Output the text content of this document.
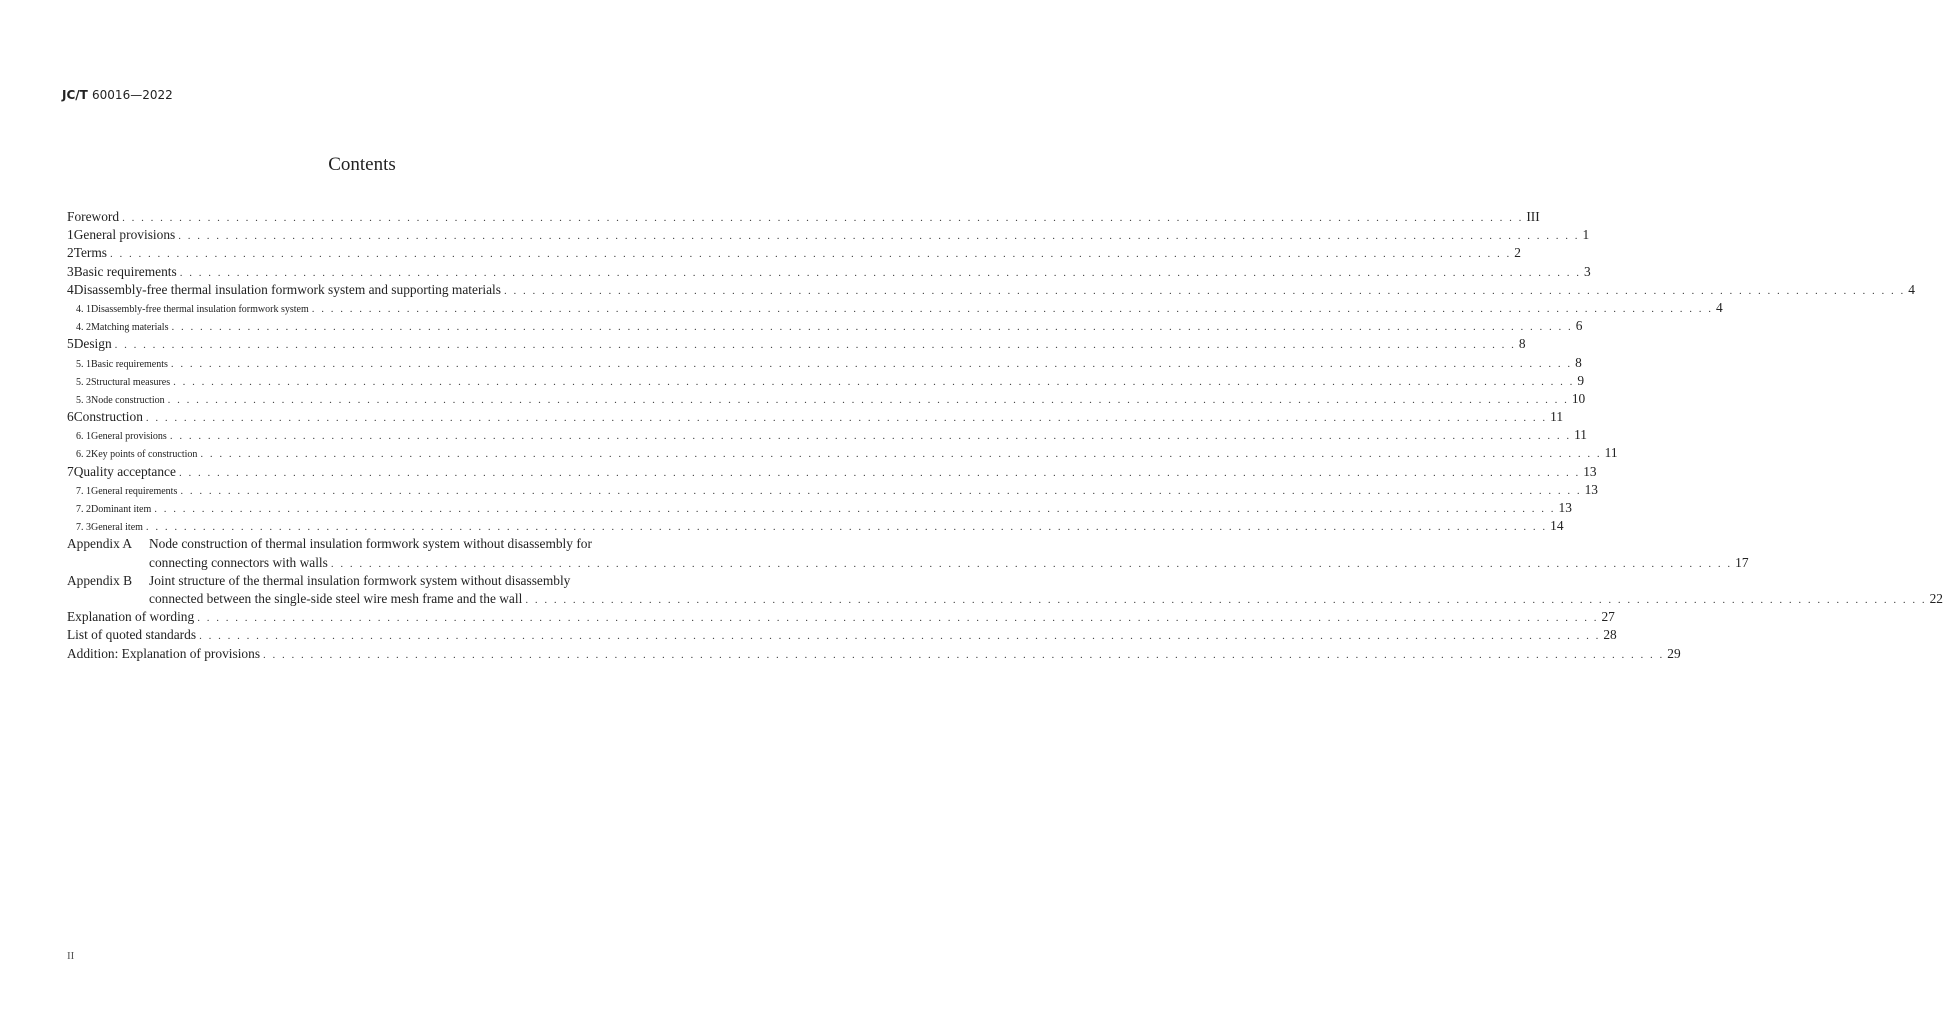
JC/T 60016—2022
Contents
Foreword . . .	III
1 General provisions . . .	1
2 Terms . . .	2
3 Basic requirements . . .	3
4 Disassembly-free thermal insulation formwork system and supporting materials . . .	4
4. 1 Disassembly-free thermal insulation formwork system . . .	4
4. 2 Matching materials . . .	6
5 Design . . .	8
5. 1 Basic requirements . . .	8
5. 2 Structural measures . . .	9
5. 3 Node construction . . .	10
6 Construction . . .	11
6. 1 General provisions . . .	11
6. 2 Key points of construction . . .	11
7 Quality acceptance . . .	13
7. 1 General requirements . . .	13
7. 2 Dominant item . . .	13
7. 3 General item . . .	14
Appendix A	Node construction of thermal insulation formwork system without disassembly for
connecting connectors with walls . . .	17
Appendix B	Joint structure of the thermal insulation formwork system without disassembly
connected between the single-side steel wire mesh frame and the wall . . .	22
Explanation of wording . . .	27
List of quoted standards . . .	28
Addition: Explanation of provisions . . .	29
II
